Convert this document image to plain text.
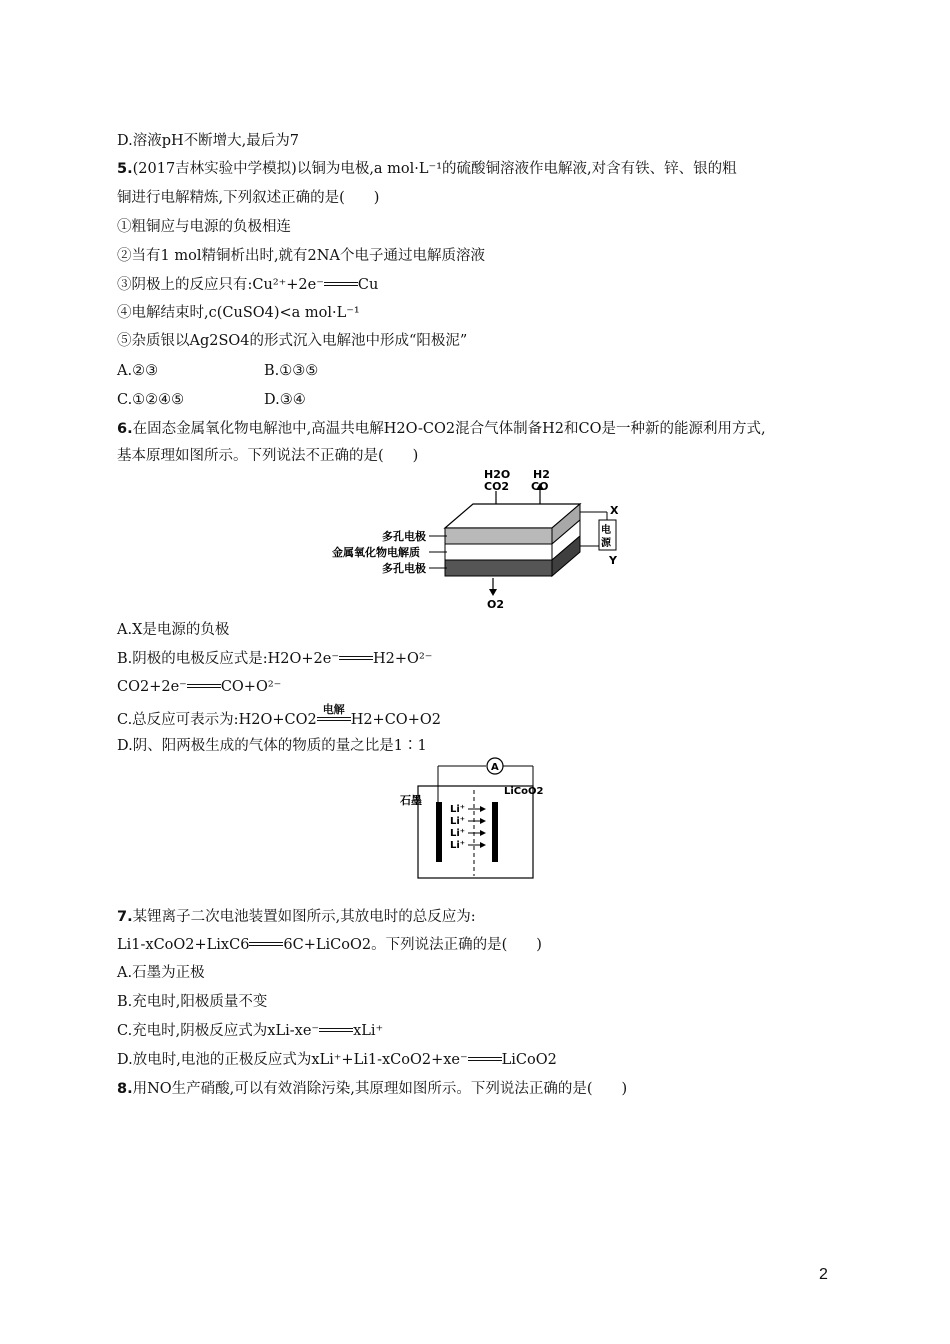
D.溶液pH不断增大,最后为7
5.(2017吉林实验中学模拟)以铜为电极,a mol·L⁻¹的硫酸铜溶液作电解液,对含有铁、锌、银的粗
铜进行电解精炼,下列叙述正确的是(　　)
①粗铜应与电源的负极相连
②当有1 mol精铜析出时,就有2NA个电子通过电解质溶液
③阴极上的反应只有:Cu²⁺+2e⁻ Cu
④电解结束时,c(CuSO4)<a mol·L⁻¹
⑤杂质银以Ag2SO4的形式沉入电解池中形成“阳极泥”
A.②③	B.①③⑤
C.①②④⑤	D.③④
6.在固态金属氧化物电解池中,高温共电解H2O-CO2混合气体制备H2和CO是一种新的能源利用方式,
基本原理如图所示。下列说法不正确的是(　　)
H2O
CO2
H2
CO
多孔电极
金属氧化物电解质
多孔电极
电
源
X
Y
O2
A.X是电源的负极
B.阴极的电极反应式是:H2O+2e⁻ H2+O²⁻
CO2+2e⁻ CO+O²⁻
C.总反应可表示为:H2O+CO2
电解
H2+CO+O2
D.阴、阳两极生成的气体的物质的量之比是1∶1
A
石墨
LiCoO2
Li⁺
Li⁺
Li⁺
Li⁺
7.某锂离子二次电池装置如图所示,其放电时的总反应为:
Li1-xCoO2+LixC6 6C+LiCoO2。下列说法正确的是(　　)
A.石墨为正极
B.充电时,阳极质量不变
C.充电时,阴极反应式为xLi-xe⁻ xLi⁺
D.放电时,电池的正极反应式为xLi⁺+Li1-xCoO2+xe⁻ LiCoO2
8.用NO生产硝酸,可以有效消除污染,其原理如图所示。下列说法正确的是(　　)
2
